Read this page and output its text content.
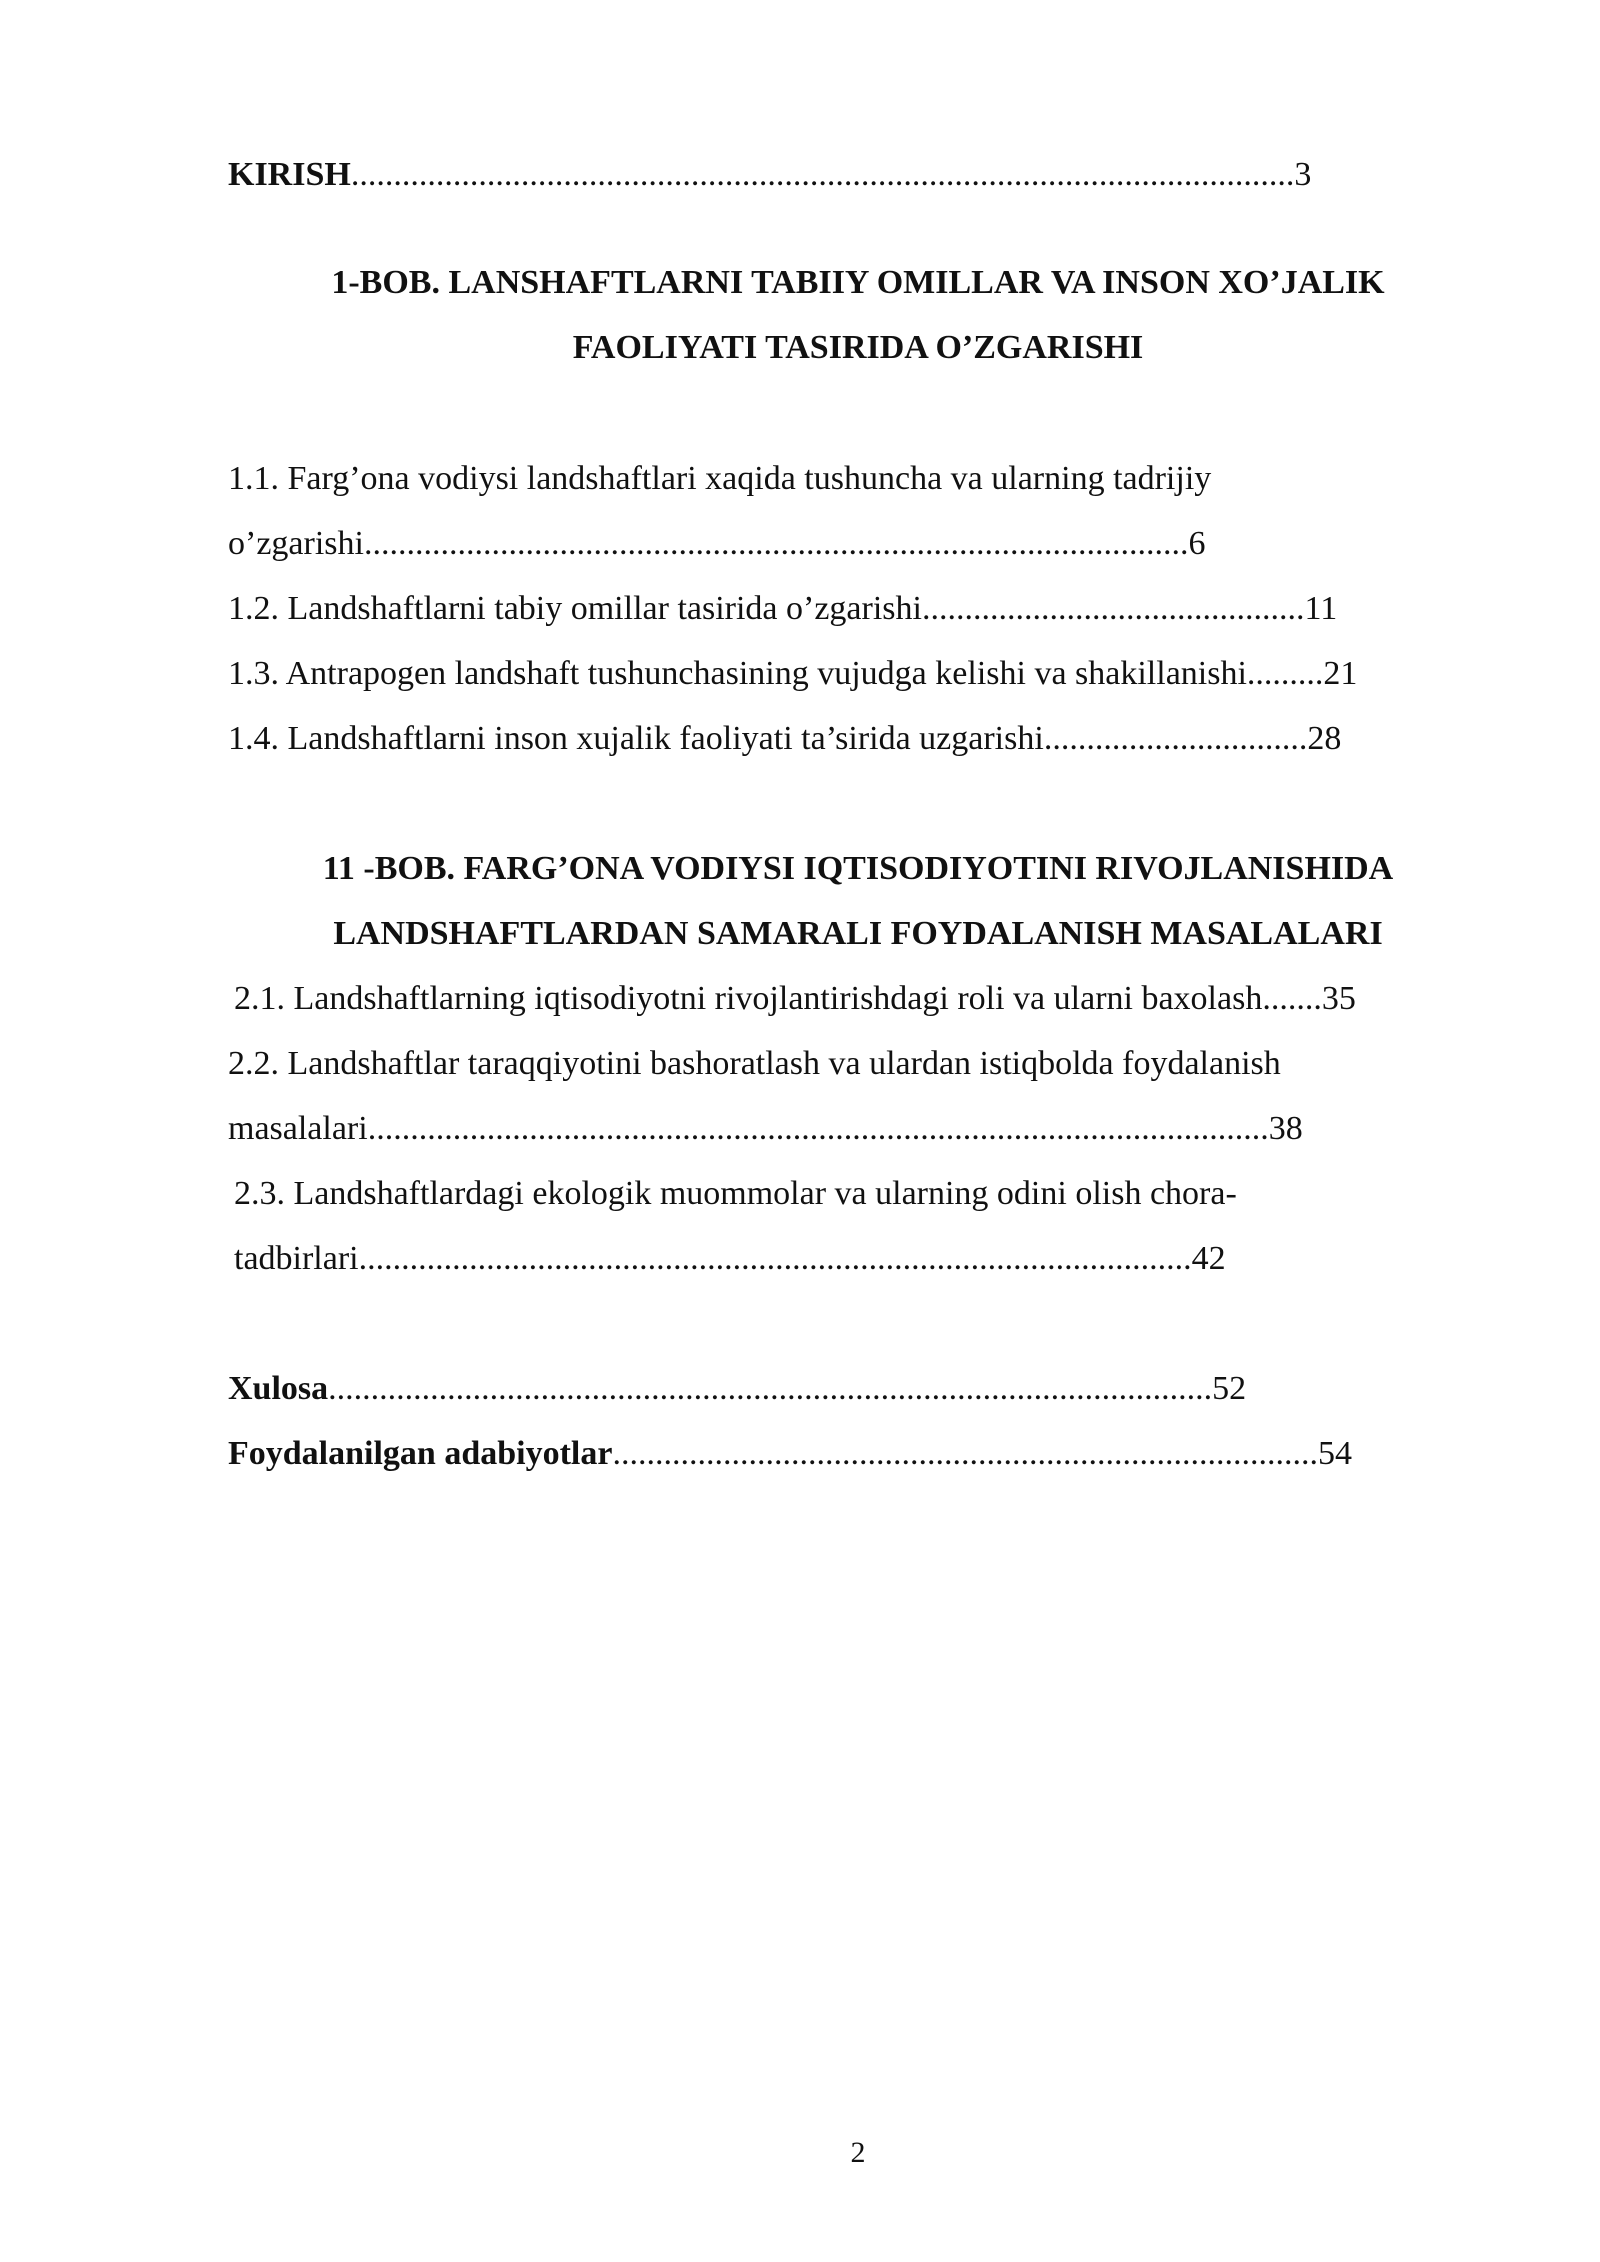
KIRISH...............................................................................................................3
1-BOB. LANSHAFTLARNI TABIIY OMILLAR VA INSON XO’JALIK
FAOLIYATI TASIRIDA O’ZGARISHI
1.1. Farg’ona vodiysi landshaftlari xaqida tushuncha va ularning tadrijiy
o’zgarishi.................................................................................................6
1.2. Landshaftlarni tabiy omillar tasirida o’zgarishi.............................................11
1.3. Antrapogen landshaft tushunchasining vujudga kelishi va shakillanishi.........21
1.4. Landshaftlarni inson xujalik faoliyati ta’sirida uzgarishi...............................28
11 -BOB. FARG’ONA VODIYSI IQTISODIYOTINI RIVOJLANISHIDA
LANDSHAFTLARDAN SAMARALI FOYDALANISH MASALALARI
2.1. Landshaftlarning iqtisodiyotni rivojlantirishdagi roli va ularni baxolash.......35
2.2. Landshaftlar taraqqiyotini bashoratlash va ulardan istiqbolda foydalanish
masalalari..........................................................................................................38
2.3. Landshaftlardagi ekologik muommolar va ularning odini olish chora-
tadbirlari..................................................................................................42
Xulosa........................................................................................................52
Foydalanilgan adabiyotlar...................................................................................54
2
